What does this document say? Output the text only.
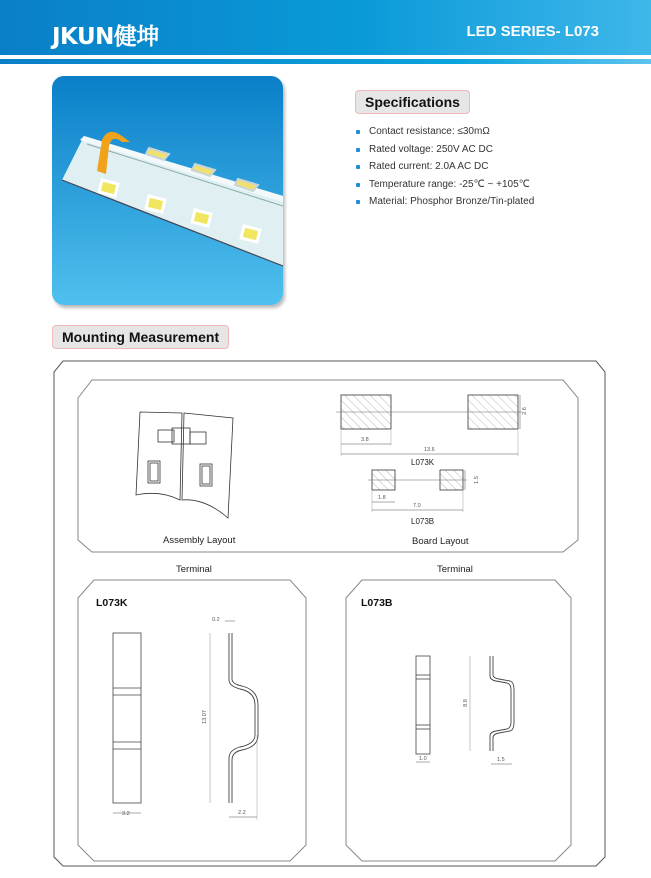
JKUN健坤	LED SERIES- L073
Specifications
Contact resistance: ≤30mΩ
Rated voltage: 250V AC DC
Rated current: 2.0A AC DC
Temperature range: -25℃ ~ +105℃
Material: Phosphor Bronze/Tin-plated
Mounting Measurement
Assembly Layout	Board Layout
L073K
L073B
3.8
13.6
2.6
1.8
7.0
1.5
Terminal	Terminal
L073K	L073B
0.2
13.07
3.2	2.2
8.8
1.0	1.5
